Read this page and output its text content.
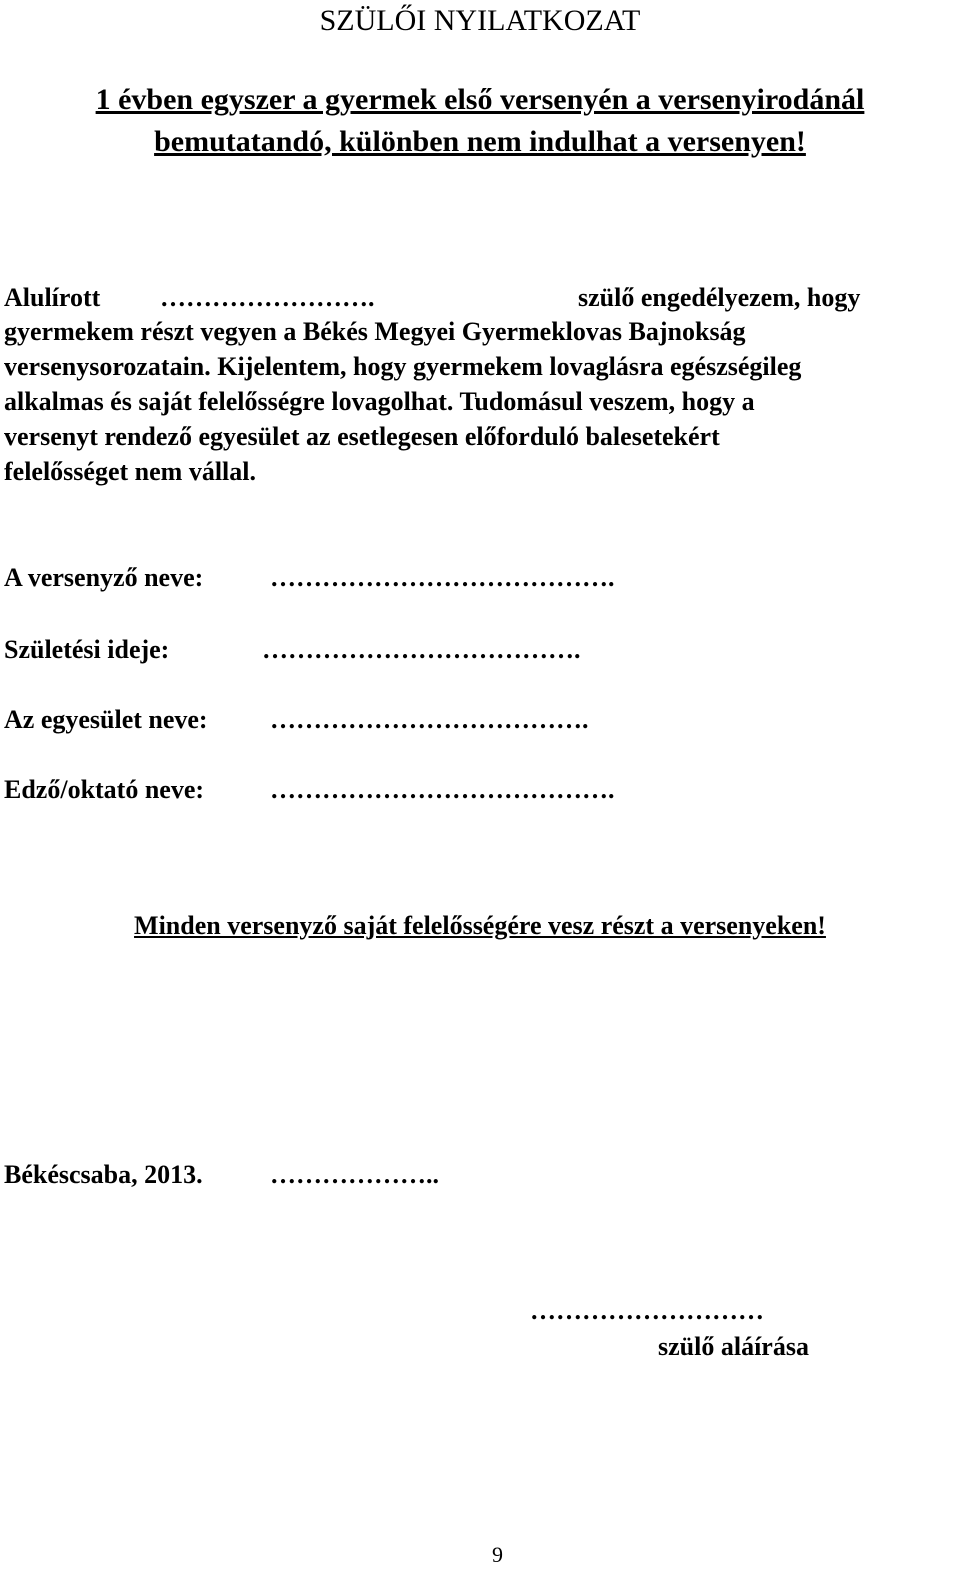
SZÜLŐI NYILATKOZAT
1 évben egyszer a gyermek első versenyén a versenyirodánál
bemutatandó, különben nem indulhat a versenyen!
Alulírott …………………….	szülő engedélyezem, hogy
gyermekem részt vegyen a Békés Megyei Gyermeklovas Bajnokság
versenysorozatain. Kijelentem, hogy gyermekem lovaglásra egészségileg
alkalmas és saját felelősségre lovagolhat. Tudomásul veszem, hogy a
versenyt rendező egyesület az esetlegesen előforduló balesetekért
felelősséget nem vállal.
A versenyző neve:	………………………………….
Születési ideje:	……………………………….
Az egyesület neve: ……………………………….
Edző/oktató neve:	………………………………….
Minden versenyző saját felelősségére vesz részt a versenyeken!
Békéscsaba, 2013.	………………..
………………………
szülő aláírása
9
